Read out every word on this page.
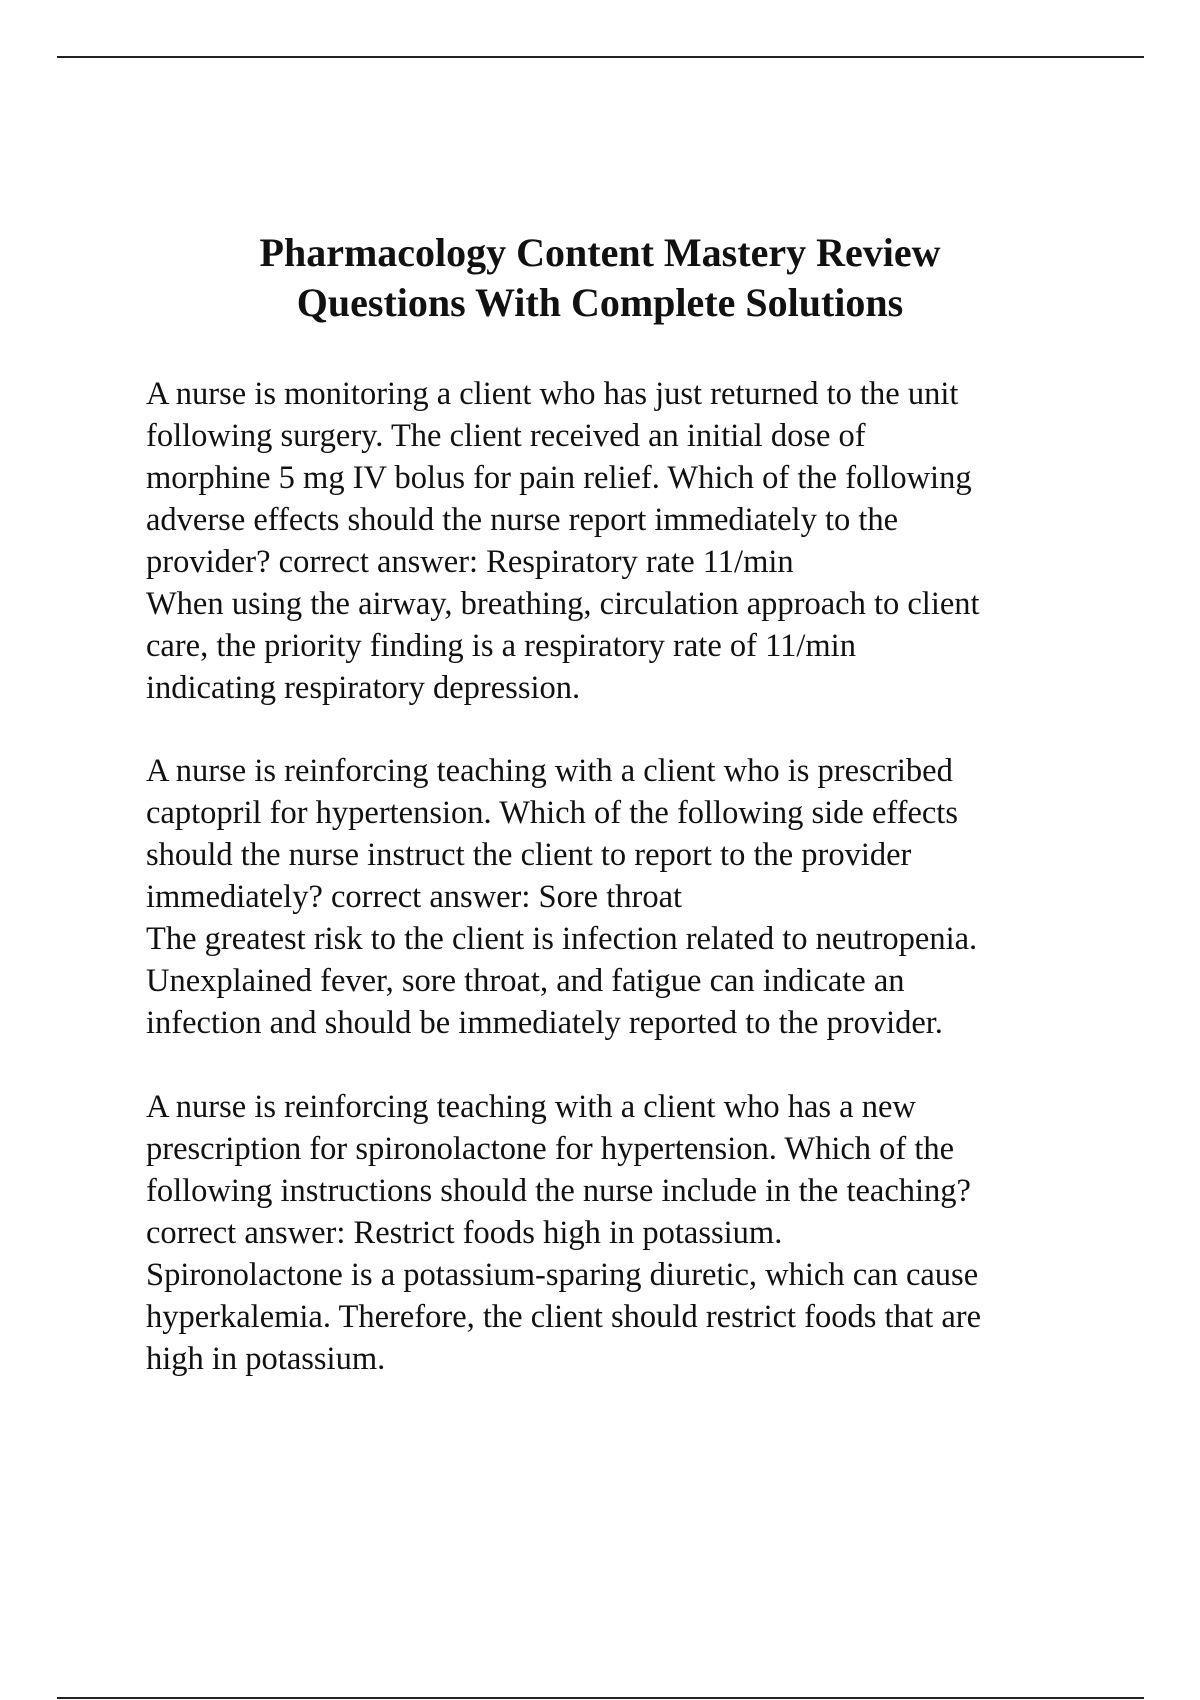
Pharmacology Content Mastery Review
Questions With Complete Solutions

A nurse is monitoring a client who has just returned to the unit
following surgery. The client received an initial dose of
morphine 5 mg IV bolus for pain relief. Which of the following
adverse effects should the nurse report immediately to the
provider? correct answer: Respiratory rate 11/min
When using the airway, breathing, circulation approach to client
care, the priority finding is a respiratory rate of 11/min
indicating respiratory depression.

A nurse is reinforcing teaching with a client who is prescribed
captopril for hypertension. Which of the following side effects
should the nurse instruct the client to report to the provider
immediately? correct answer: Sore throat
The greatest risk to the client is infection related to neutropenia.
Unexplained fever, sore throat, and fatigue can indicate an
infection and should be immediately reported to the provider.

A nurse is reinforcing teaching with a client who has a new
prescription for spironolactone for hypertension. Which of the
following instructions should the nurse include in the teaching?
correct answer: Restrict foods high in potassium.
Spironolactone is a potassium-sparing diuretic, which can cause
hyperkalemia. Therefore, the client should restrict foods that are
high in potassium.
